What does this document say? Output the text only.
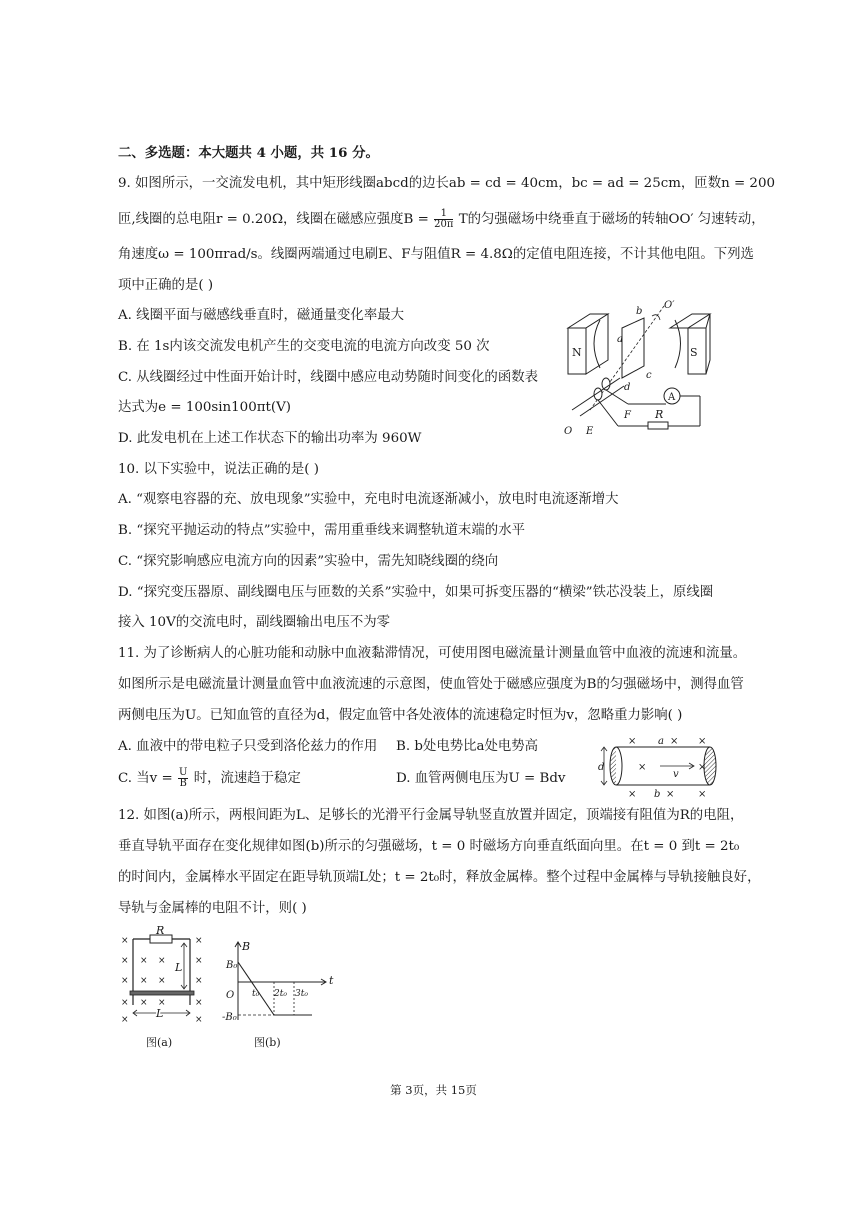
二、多选题：本大题共 4 小题，共 16 分。
9. 如图所示，一交流发电机，其中矩形线圈abcd的边长ab = cd = 40cm，bc = ad = 25cm，匝数n = 200
匝,线圈的总电阻r = 0.20Ω，线圈在磁感应强度$B = \frac{1}{20\pi}$ T的匀强磁场中绕垂直于磁场的转轴OO′ 匀速转动，
角速度ω = 100πrad/s。线圈两端通过电刷E、F与阻值R = 4.8Ω的定值电阻连接，不计其他电阻。下列选
项中正确的是( )
A. 线圈平面与磁感线垂直时，磁通量变化率最大
B. 在 1s内该交流发电机产生的交变电流的电流方向改变 50 次
C. 从线圈经过中性面开始计时，线圈中感应电动势随时间变化的函数表
达式为e = 100sin100πt(V)
D. 此发电机在上述工作状态下的输出功率为 960W
N	S
a
b
c
d
O′
A
R
F
E
O
10. 以下实验中，说法正确的是( )
A. “观察电容器的充、放电现象”实验中，充电时电流逐渐减小，放电时电流逐渐增大
B. “探究平抛运动的特点”实验中，需用重垂线来调整轨道末端的水平
C. “探究影响感应电流方向的因素”实验中，需先知晓线圈的绕向
D. “探究变压器原、副线圈电压与匝数的关系”实验中，如果可拆变压器的“横梁”铁芯没装上，原线圈
接入 10V的交流电时，副线圈输出电压不为零
11. 为了诊断病人的心脏功能和动脉中血液黏滞情况，可使用图电磁流量计测量血管中血液的流速和流量。
如图所示是电磁流量计测量血管中血液流速的示意图，使血管处于磁感应强度为B的匀强磁场中，测得血管
两侧电压为U。已知血管的直径为d，假定血管中各处液体的流速稳定时恒为v，忽略重力影响( )
A. 血液中的带电粒子只受到洛伦兹力的作用 B. b处电势比a处电势高
C. 当$v = \frac{U}{B}$ 时，流速趋于稳定	D. 血管两侧电压为U = Bdv
d
× a × ×
×	×
v
× b × ×
12. 如图(a)所示，两根间距为L、足够长的光滑平行金属导轨竖直放置并固定，顶端接有阻值为R的电阻，
垂直导轨平面存在变化规律如图(b)所示的匀强磁场，t = 0 时磁场方向垂直纸面向里。在t = 0 到t = 2t₀
的时间内，金属棒水平固定在距导轨顶端L处；t = 2t₀时，释放金属棒。整个过程中金属棒与导轨接触良好，
导轨与金属棒的电阻不计，则( )
R
L
L
×	×
× × ×	×
× × ×	×
× × ×	×
×	×
图(a)
B
t
B₀
O
-B₀
t₀ 2t₀ 3t₀
图(b)
第 3页，共 15页
